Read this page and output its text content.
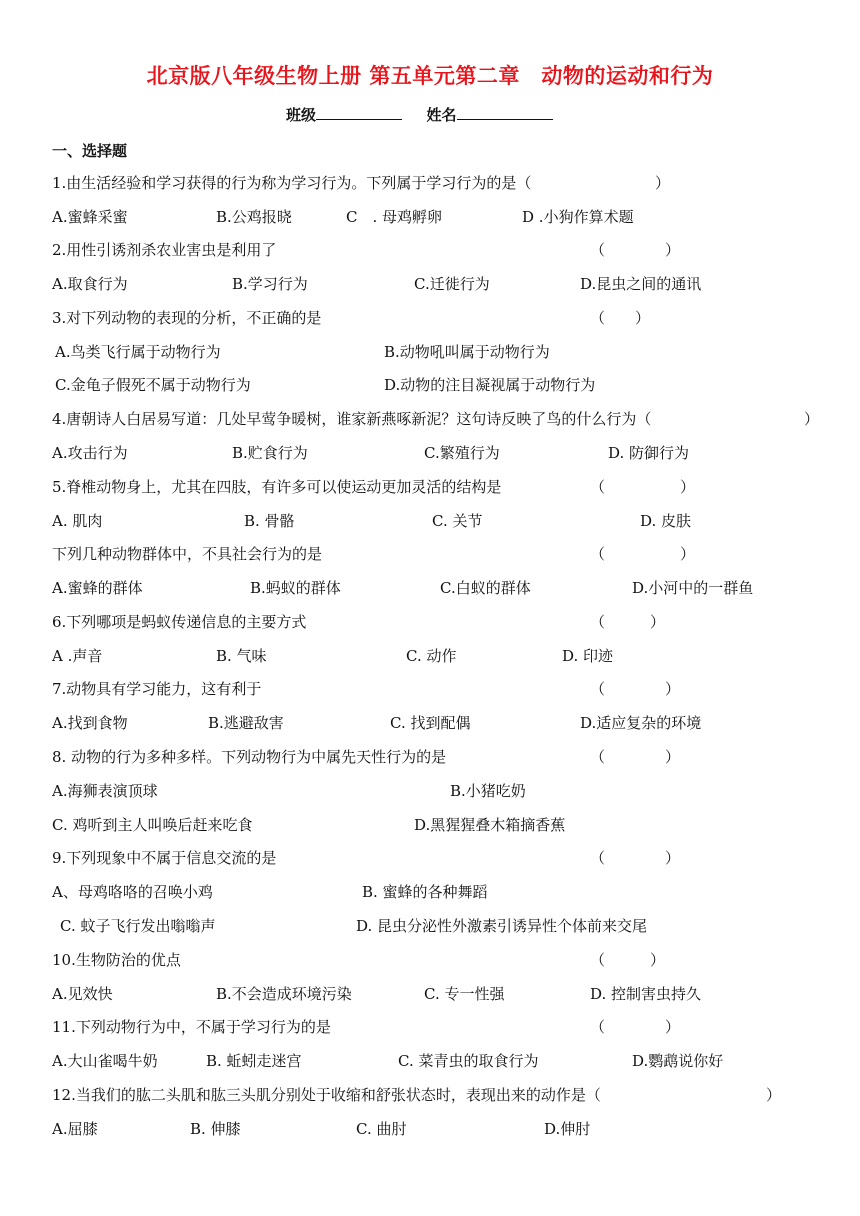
北京版八年级生物上册 第五单元第二章　动物的运动和行为
班级	姓名
一、选择题
1.由生活经验和学习获得的行为称为学习行为。下列属于学习行为的是（	）
A.蜜蜂采蜜	B.公鸡报晓	C　. 母鸡孵卵	D .小狗作算术题
2.用性引诱剂杀农业害虫是利用了	（　　　　）
A.取食行为	B.学习行为	C.迁徙行为	D.昆虫之间的通讯
3.对下列动物的表现的分析，不正确的是	（　　）
A.鸟类飞行属于动物行为	B.动物吼叫属于动物行为
C.金龟子假死不属于动物行为	D.动物的注目凝视属于动物行为
4.唐朝诗人白居易写道：几处早莺争暖树，谁家新燕啄新泥？这句诗反映了鸟的什么行为（	）
A.攻击行为	B.贮食行为	C.繁殖行为	D. 防御行为
5.脊椎动物身上，尤其在四肢，有许多可以使运动更加灵活的结构是	（　　　　　）
A. 肌肉	B. 骨骼	C. 关节	D. 皮肤
下列几种动物群体中，不具社会行为的是	（　　　　　）
A.蜜蜂的群体	B.蚂蚁的群体	C.白蚁的群体	D.小河中的一群鱼
6.下列哪项是蚂蚁传递信息的主要方式	（　　　）
A .声音	B. 气味	C. 动作	D. 印迹
7.动物具有学习能力，这有利于	（　　　　）
A.找到食物	B.逃避敌害	C. 找到配偶	D.适应复杂的环境
8. 动物的行为多种多样。下列动物行为中属先天性行为的是	（　　　　）
A.海狮表演顶球	B.小猪吃奶
C. 鸡听到主人叫唤后赶来吃食	D.黑猩猩叠木箱摘香蕉
9.下列现象中不属于信息交流的是	（　　　　）
A、母鸡咯咯的召唤小鸡	B. 蜜蜂的各种舞蹈
C. 蚊子飞行发出嗡嗡声	D. 昆虫分泌性外激素引诱异性个体前来交尾
10.生物防治的优点	（　　　）
A.见效快	B.不会造成环境污染	C. 专一性强	D. 控制害虫持久
11.下列动物行为中，不属于学习行为的是	（　　　　）
A.大山雀喝牛奶	B. 蚯蚓走迷宫	C. 菜青虫的取食行为	D.鹦鹉说你好
12.当我们的肱二头肌和肱三头肌分别处于收缩和舒张状态时，表现出来的动作是（	）
A.屈膝	B. 伸膝	C. 曲肘	D.伸肘
